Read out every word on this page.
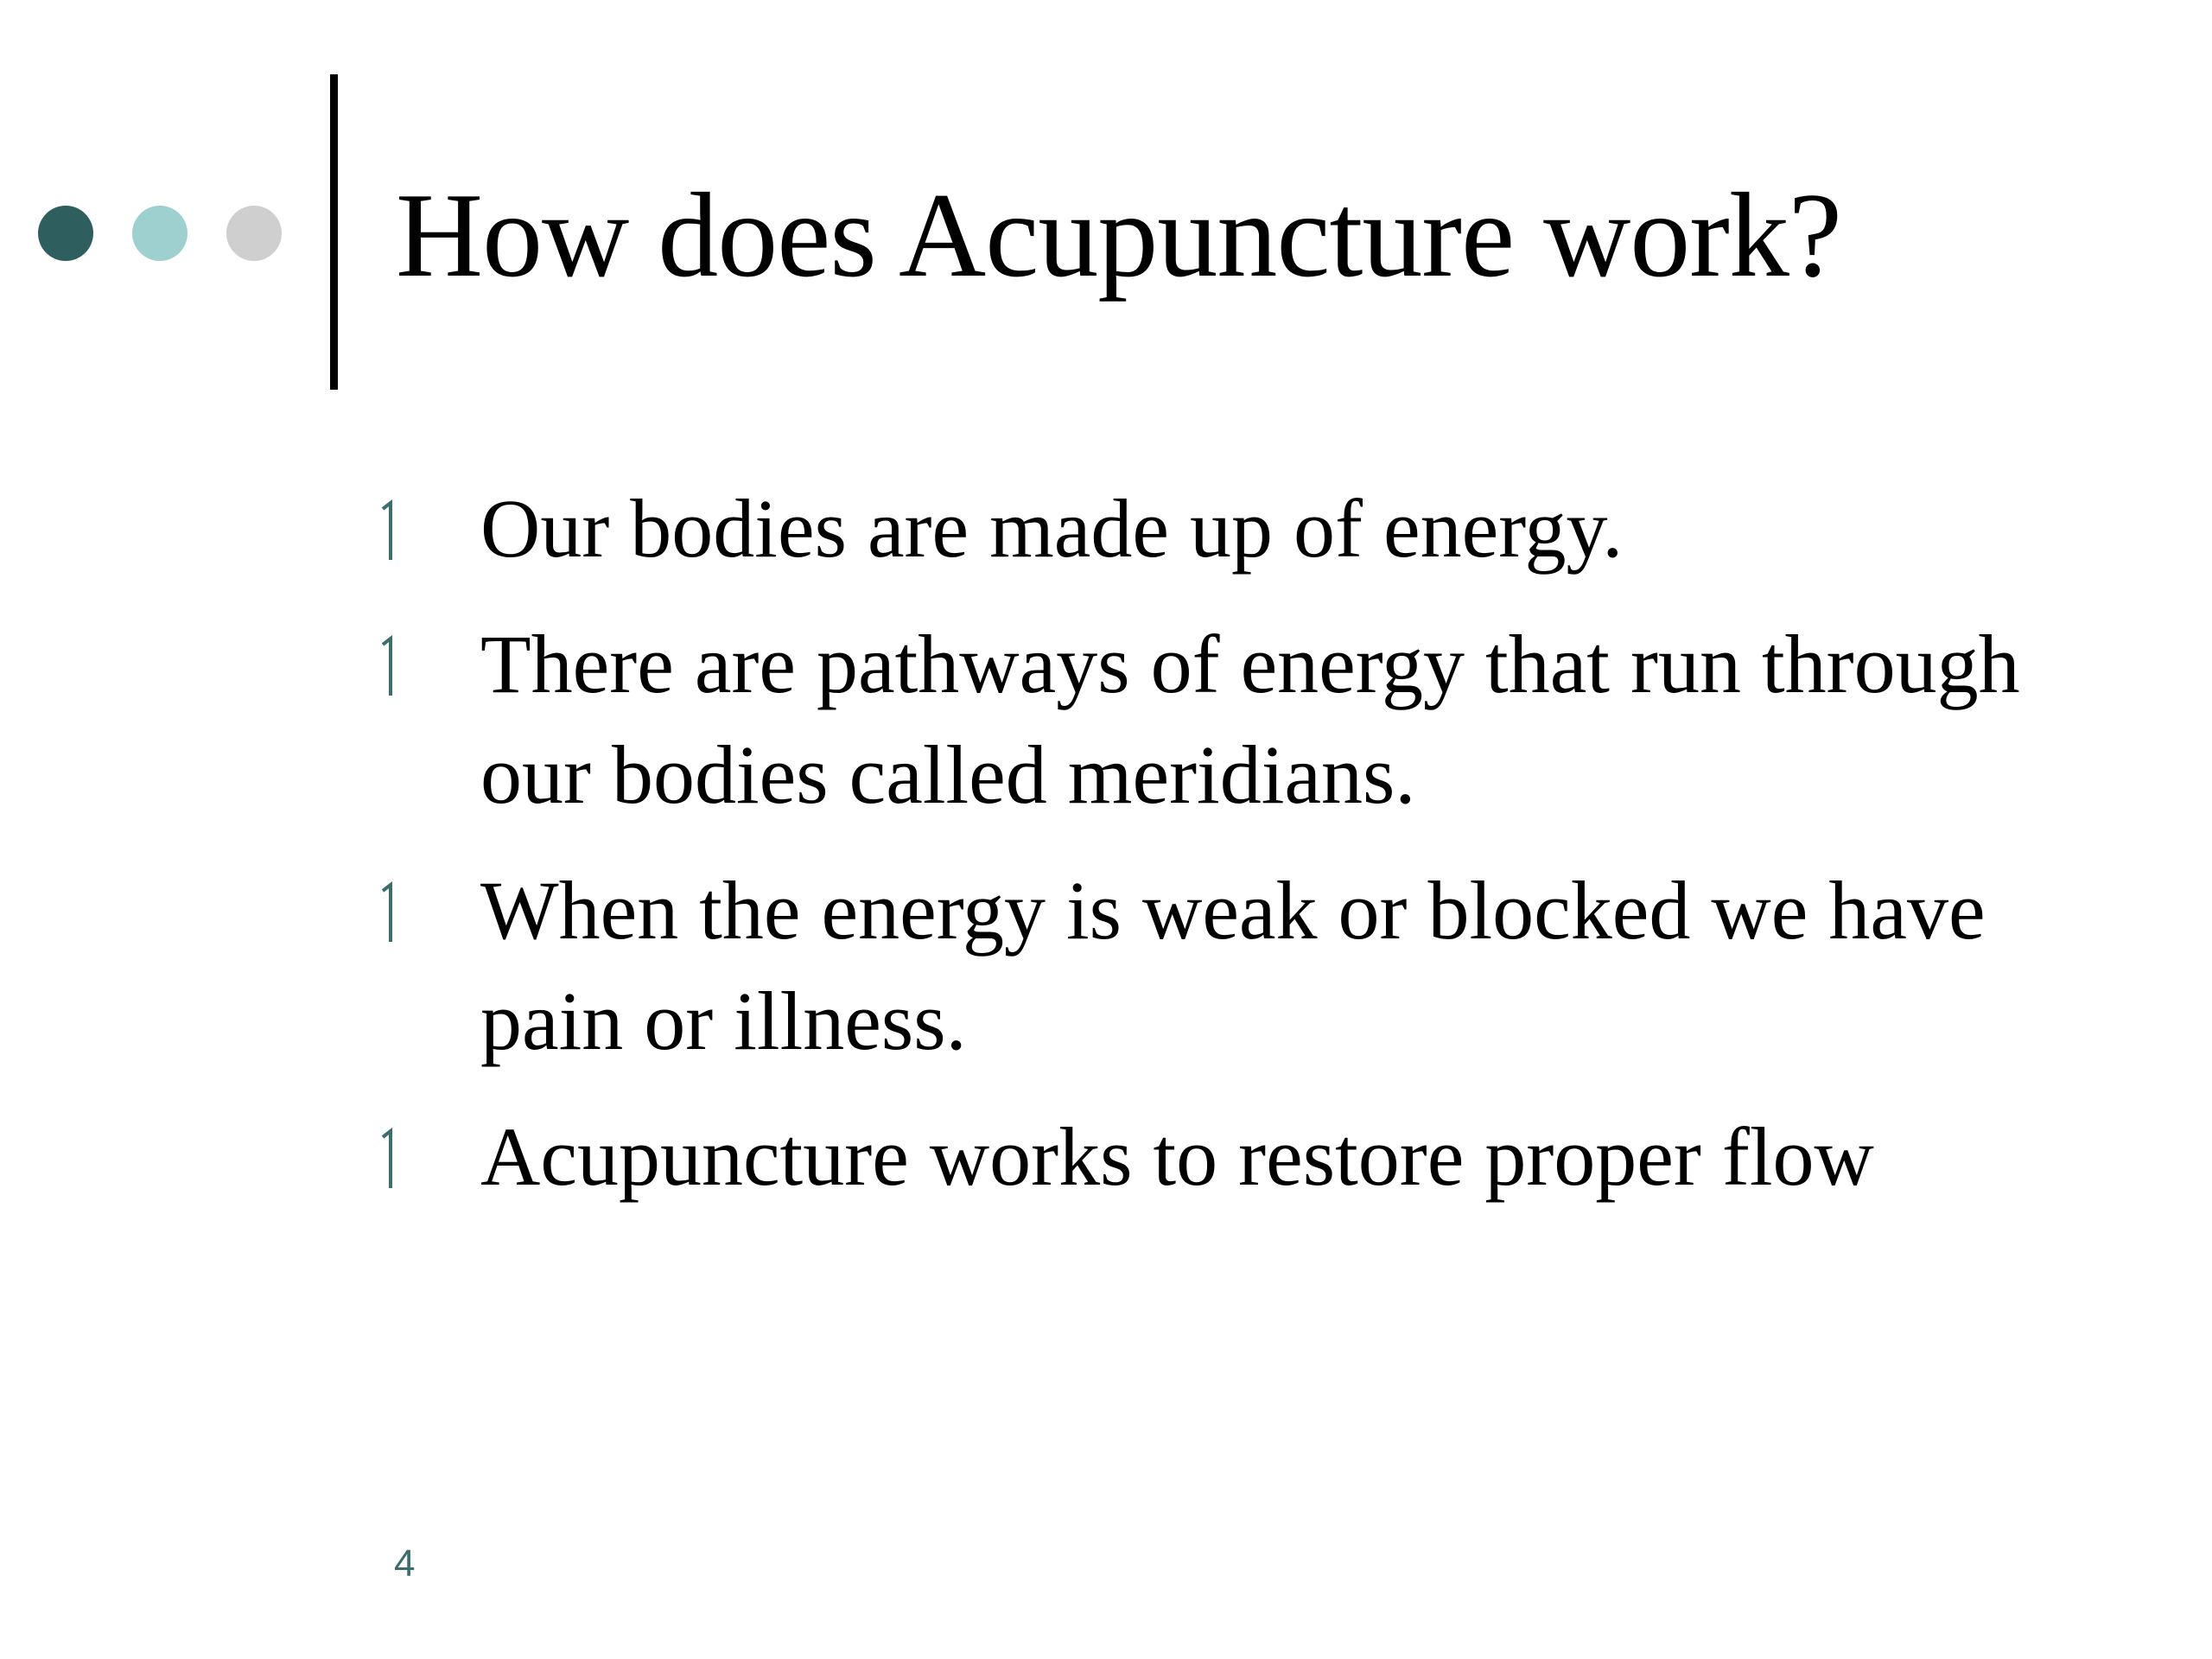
How does Acupuncture work?
Our bodies are made up of energy.
There are pathways of energy that run through our bodies called meridians.
When the energy is weak or blocked we have pain or illness.
Acupuncture works to restore proper flow
4
